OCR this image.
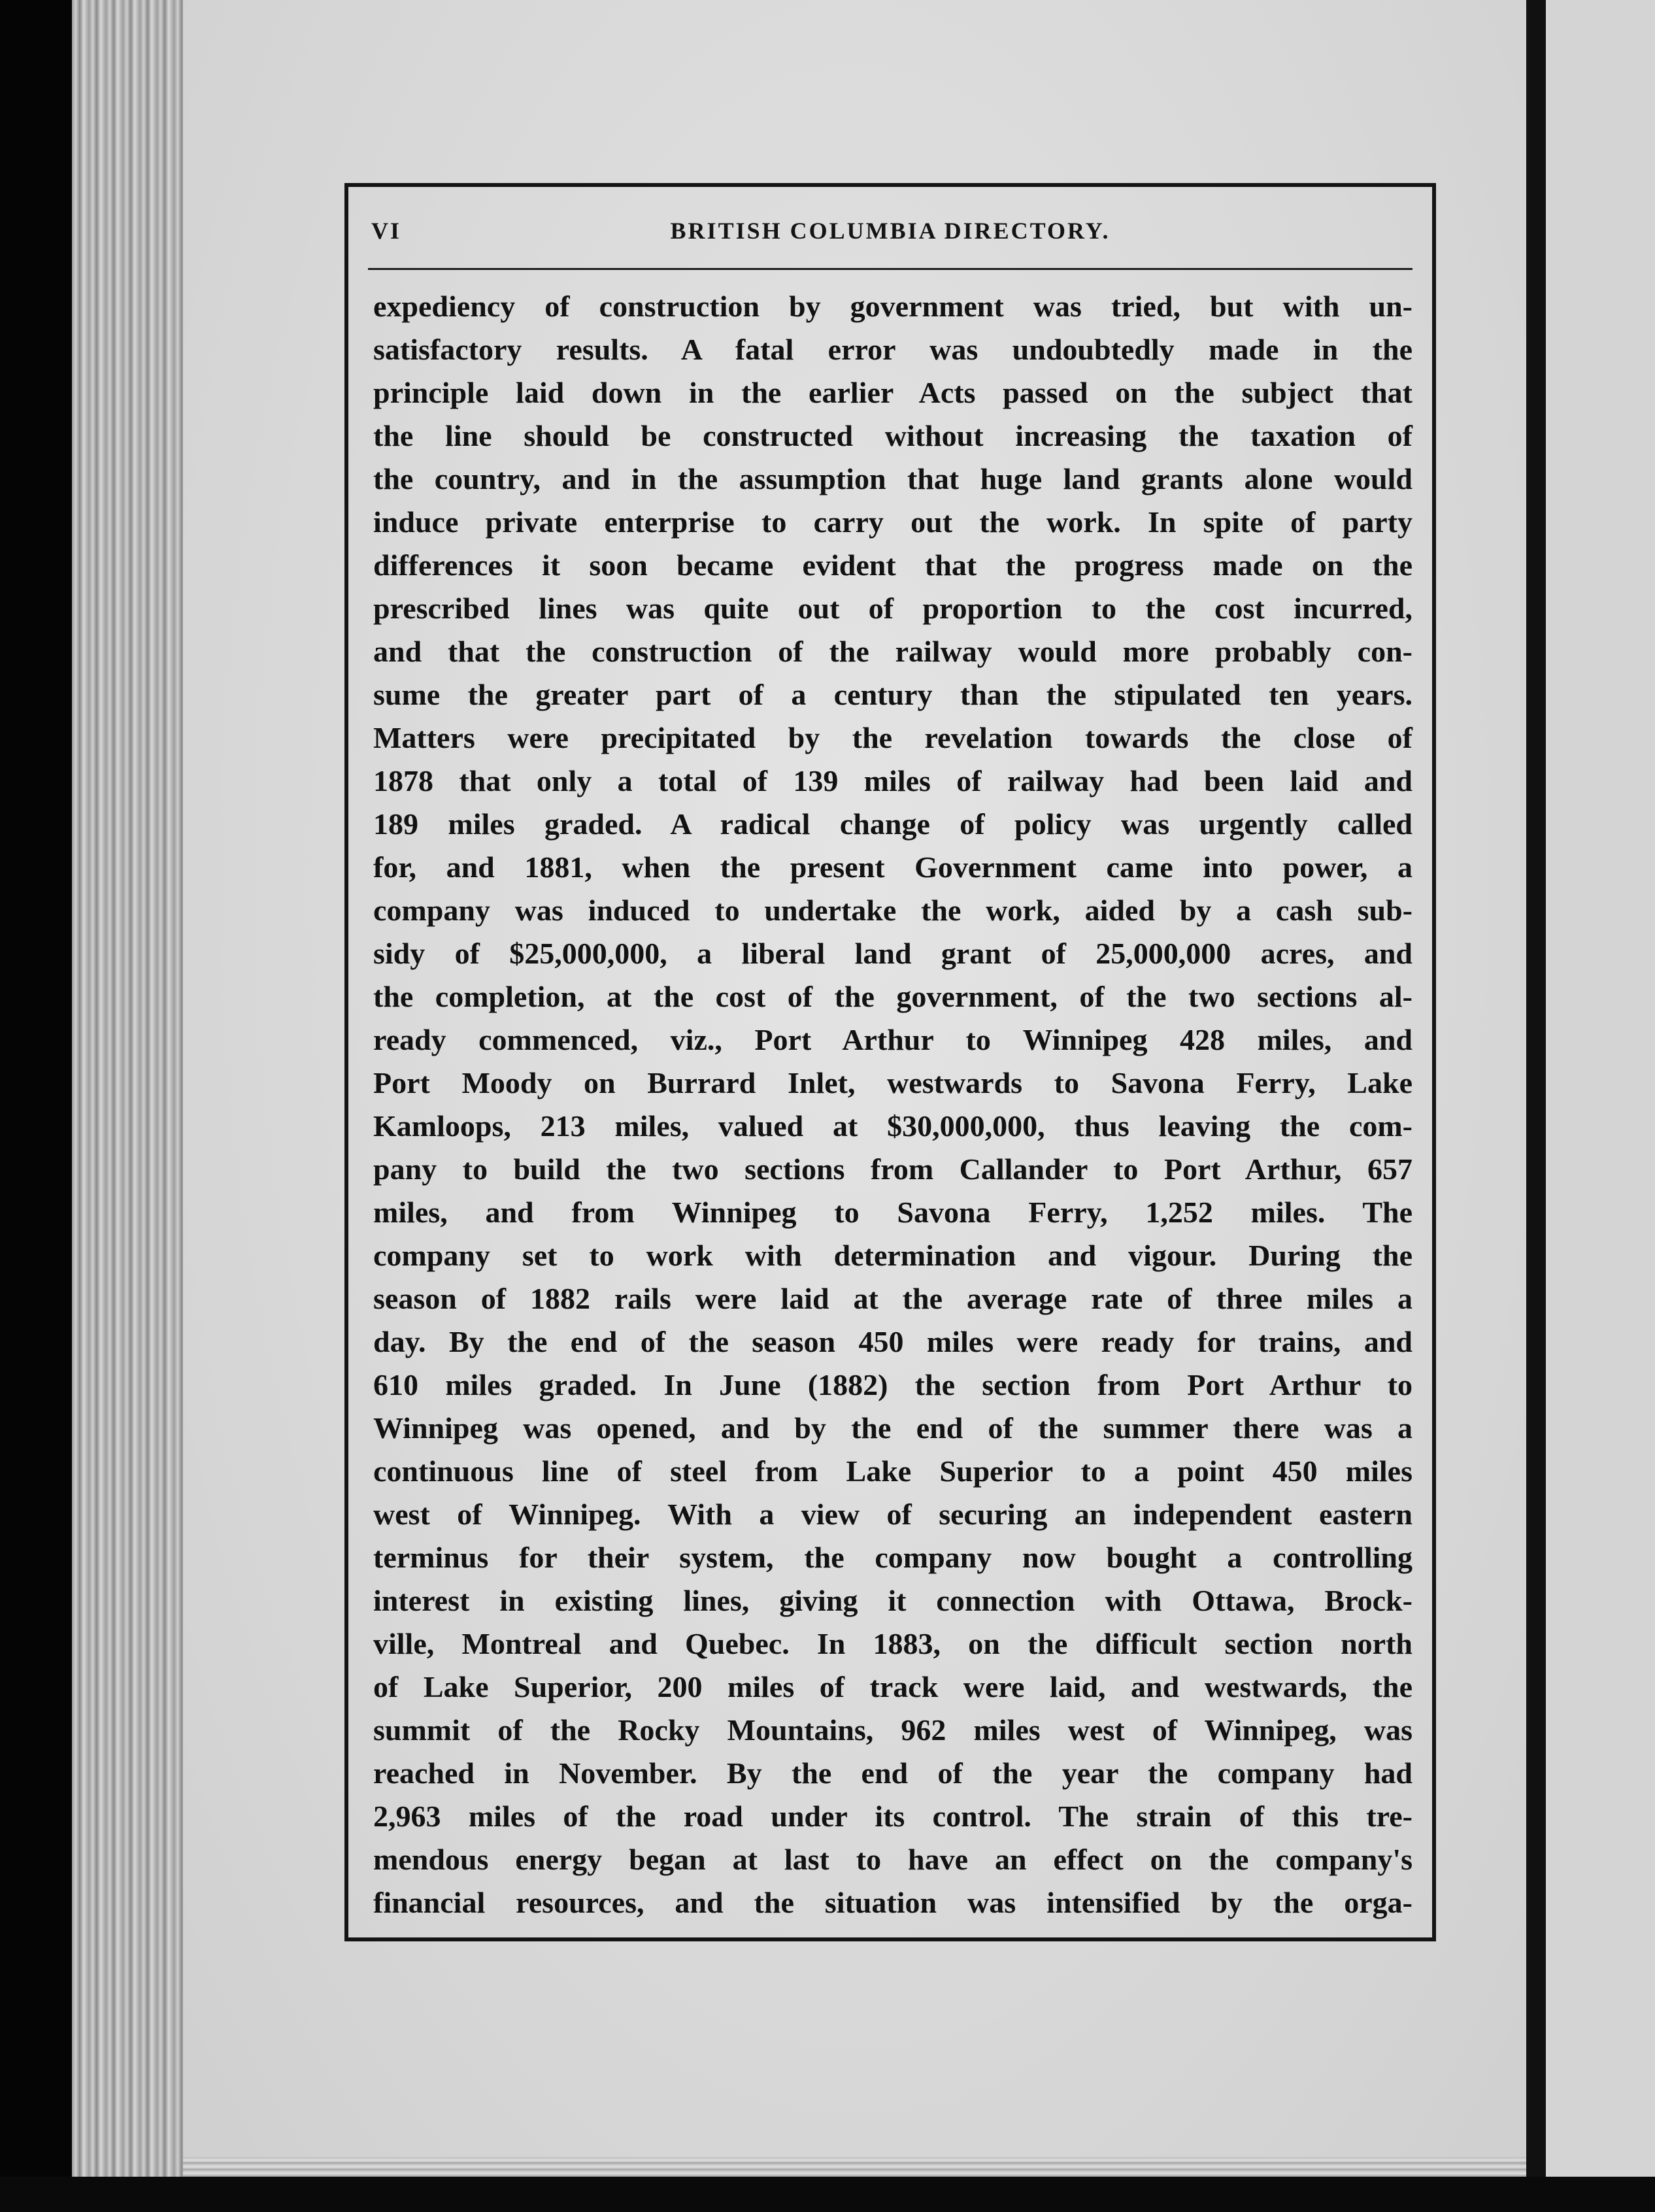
VI	BRITISH COLUMBIA DIRECTORY.
expediency of construction by government was tried, but with un-
satisfactory results. A fatal error was undoubtedly made in the
principle laid down in the earlier Acts passed on the subject that
the line should be constructed without increasing the taxation of
the country, and in the assumption that huge land grants alone would
induce private enterprise to carry out the work. In spite of party
differences it soon became evident that the progress made on the
prescribed lines was quite out of proportion to the cost incurred,
and that the construction of the railway would more probably con-
sume the greater part of a century than the stipulated ten years.
Matters were precipitated by the revelation towards the close of
1878 that only a total of 139 miles of railway had been laid and
189 miles graded. A radical change of policy was urgently called
for, and 1881, when the present Government came into power, a
company was induced to undertake the work, aided by a cash sub-
sidy of $25,000,000, a liberal land grant of 25,000,000 acres, and
the completion, at the cost of the government, of the two sections al-
ready commenced, viz., Port Arthur to Winnipeg 428 miles, and
Port Moody on Burrard Inlet, westwards to Savona Ferry, Lake
Kamloops, 213 miles, valued at $30,000,000, thus leaving the com-
pany to build the two sections from Callander to Port Arthur, 657
miles, and from Winnipeg to Savona Ferry, 1,252 miles. The
company set to work with determination and vigour. During the
season of 1882 rails were laid at the average rate of three miles a
day. By the end of the season 450 miles were ready for trains, and
610 miles graded. In June (1882) the section from Port Arthur to
Winnipeg was opened, and by the end of the summer there was a
continuous line of steel from Lake Superior to a point 450 miles
west of Winnipeg. With a view of securing an independent eastern
terminus for their system, the company now bought a controlling
interest in existing lines, giving it connection with Ottawa, Brock-
ville, Montreal and Quebec. In 1883, on the difficult section north
of Lake Superior, 200 miles of track were laid, and westwards, the
summit of the Rocky Mountains, 962 miles west of Winnipeg, was
reached in November. By the end of the year the company had
2,963 miles of the road under its control. The strain of this tre-
mendous energy began at last to have an effect on the company's
financial resources, and the situation was intensified by the orga-
